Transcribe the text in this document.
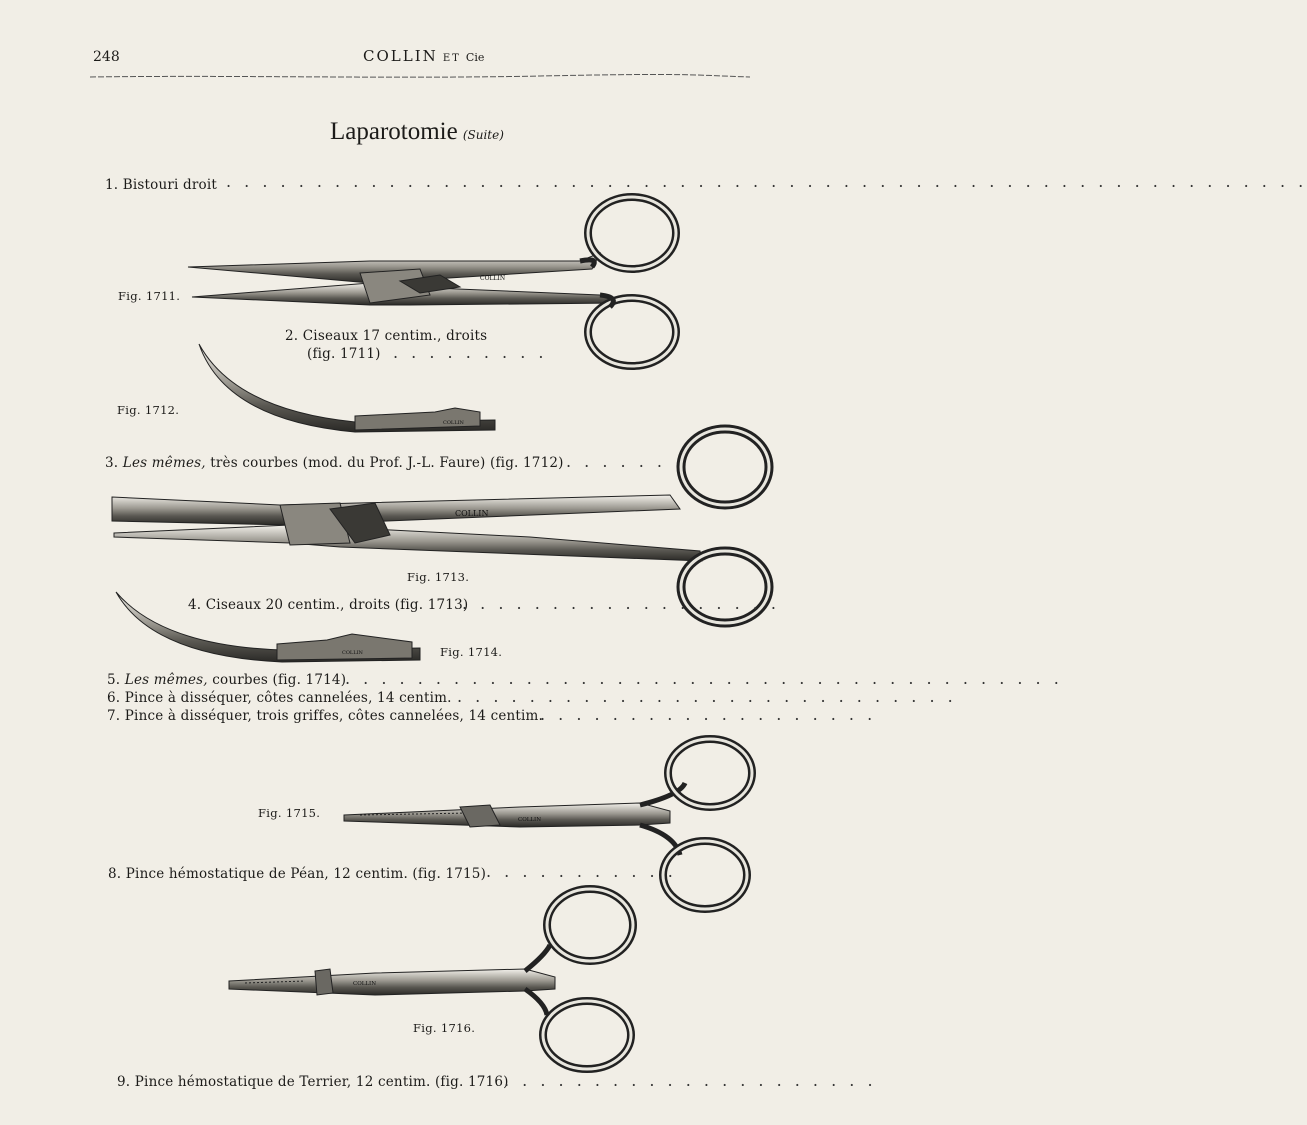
248	COLLIN ET Cie
Laparotomie (Suite)
1. Bistouri droit . . . . . . . . . . . . . . . . . . . . . . . . . . . . . . . . . . . . . . . . . . . . . . . . . . . . . . . . . . . .
Fig. 1711.
COLLIN
2. Ciseaux 17 centim., droits
(fig. 1711) . . . . . . . . .
Fig. 1712.
COLLIN
3. Les mêmes, très courbes (mod. du Prof. J.-L. Faure) (fig. 1712) . . . . . . .
COLLIN
Fig. 1713.
4. Ciseaux 20 centim., droits (fig. 1713)
. . . . . . . . . . . . . . . . . .
COLLIN	Fig. 1714.
5. Les mêmes, courbes (fig. 1714)
. . . . . . . . . . . . . . . . . . . . . . . . . . . . . . . . . . . . . . . .
6. Pince à disséquer, côtes cannelées, 14 centim. . . . . . . . . . . . . . . . . . . . . . . . . . . . .
7. Pince à disséquer, trois griffes, côtes cannelées, 14 centim.
. . . . . . . . . . . . . . . . . . .
Fig. 1715.	COLLIN
8. Pince hémostatique de Péan, 12 centim. (fig. 1715) . . . . . . . . . . .
COLLIN
Fig. 1716.
9. Pince hémostatique de Terrier, 12 centim. (fig. 1716)
. . . . . . . . . . . . . . . . . . . . .
